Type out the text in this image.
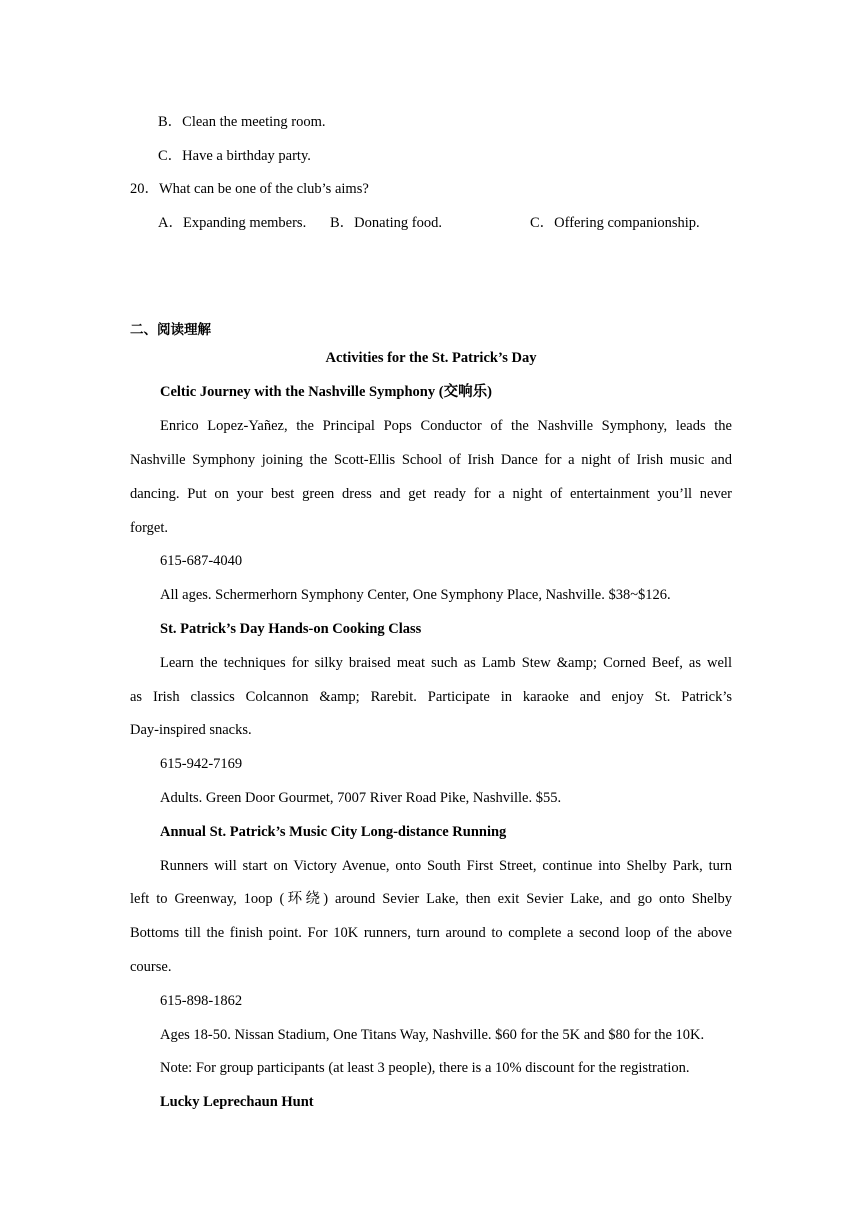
B．Clean the meeting room.
C．Have a birthday party.
20．What can be one of the club’s aims?
A．Expanding members. B．Donating food.	C．Offering companionship.
二、阅读理解
Activities for the St. Patrick’s Day
Celtic Journey with the Nashville Symphony (交响乐)
Enrico Lopez-Yañez, the Principal Pops Conductor of the Nashville Symphony, leads the
Nashville Symphony joining the Scott-Ellis School of Irish Dance for a night of Irish music and
dancing. Put on your best green dress and get ready for a night of entertainment you’ll never
forget.
615-687-4040
All ages. Schermerhorn Symphony Center, One Symphony Place, Nashville. $38~$126.
St. Patrick’s Day Hands-on Cooking Class
Learn the techniques for silky braised meat such as Lamb Stew &amp; Corned Beef, as well
as Irish classics Colcannon &amp; Rarebit. Participate in karaoke and enjoy St. Patrick’s
Day-inspired snacks.
615-942-7169
Adults. Green Door Gourmet, 7007 River Road Pike, Nashville. $55.
Annual St. Patrick’s Music City Long-distance Running
Runners will start on Victory Avenue, onto South First Street, continue into Shelby Park, turn
left to Greenway, 1oop (环绕) around Sevier Lake, then exit Sevier Lake, and go onto Shelby
Bottoms till the finish point. For 10K runners, turn around to complete a second loop of the above
course.
615-898-1862
Ages 18-50. Nissan Stadium, One Titans Way, Nashville. $60 for the 5K and $80 for the 10K.
Note: For group participants (at least 3 people), there is a 10% discount for the registration.
Lucky Leprechaun Hunt
